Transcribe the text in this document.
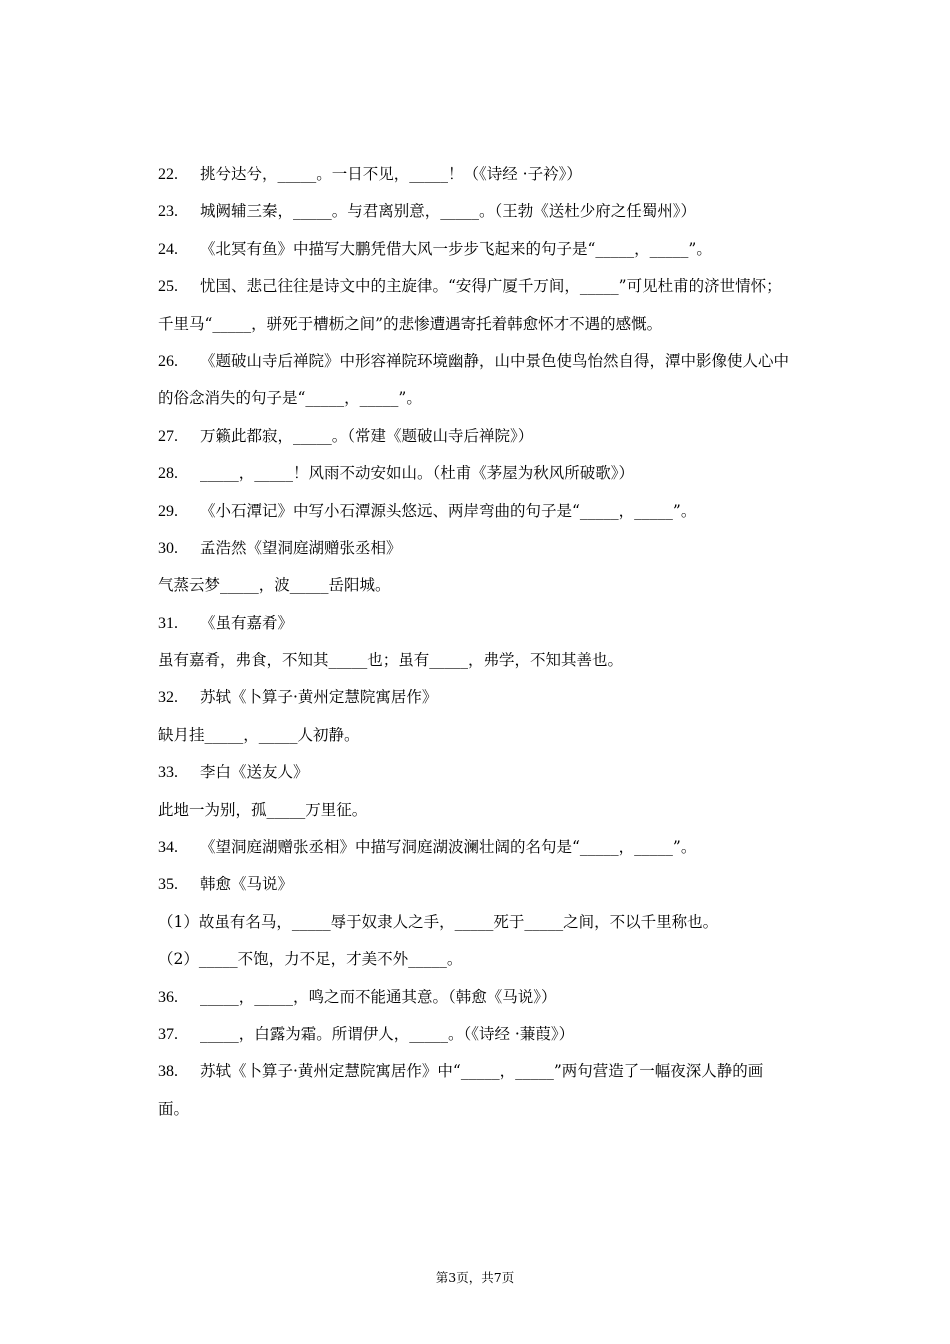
22. 挑兮达兮，_____。一日不见，_____！（《诗经 ·子衿》）
23. 城阙辅三秦，_____。与君离别意，_____。（王勃《送杜少府之任蜀州》）
24. 《北冥有鱼》中描写大鹏凭借大风一步步飞起来的句子是“_____，_____”。
25. 忧国、悲己往往是诗文中的主旋律。“安得广厦千万间，_____”可见杜甫的济世情怀；
千里马“_____，骈死于槽枥之间”的悲惨遭遇寄托着韩愈怀才不遇的感慨。
26. 《题破山寺后禅院》中形容禅院环境幽静，山中景色使鸟怡然自得，潭中影像使人心中
的俗念消失的句子是“_____，_____”。
27. 万籁此都寂，_____。（常建《题破山寺后禅院》）
28. _____，_____！风雨不动安如山。（杜甫《茅屋为秋风所破歌》）
29. 《小石潭记》中写小石潭源头悠远、两岸弯曲的句子是“_____，_____”。
30. 孟浩然《望洞庭湖赠张丞相》
气蒸云梦_____，波_____岳阳城。
31. 《虽有嘉肴》
虽有嘉肴，弗食，不知其_____也；虽有_____，弗学，不知其善也。
32. 苏轼《卜算子·黄州定慧院寓居作》
缺月挂_____，_____人初静。
33. 李白《送友人》
此地一为别，孤_____万里征。
34. 《望洞庭湖赠张丞相》中描写洞庭湖波澜壮阔的名句是“_____，_____”。
35. 韩愈《马说》
（1）故虽有名马，_____辱于奴隶人之手，_____死于_____之间，不以千里称也。
（2）_____不饱，力不足，才美不外_____。
36. _____，_____，鸣之而不能通其意。（韩愈《马说》）
37. _____，白露为霜。所谓伊人，_____。（《诗经 ·蒹葭》）
38. 苏轼《卜算子·黄州定慧院寓居作》中“_____，_____”两句营造了一幅夜深人静的画
面。
第3页，共7页
